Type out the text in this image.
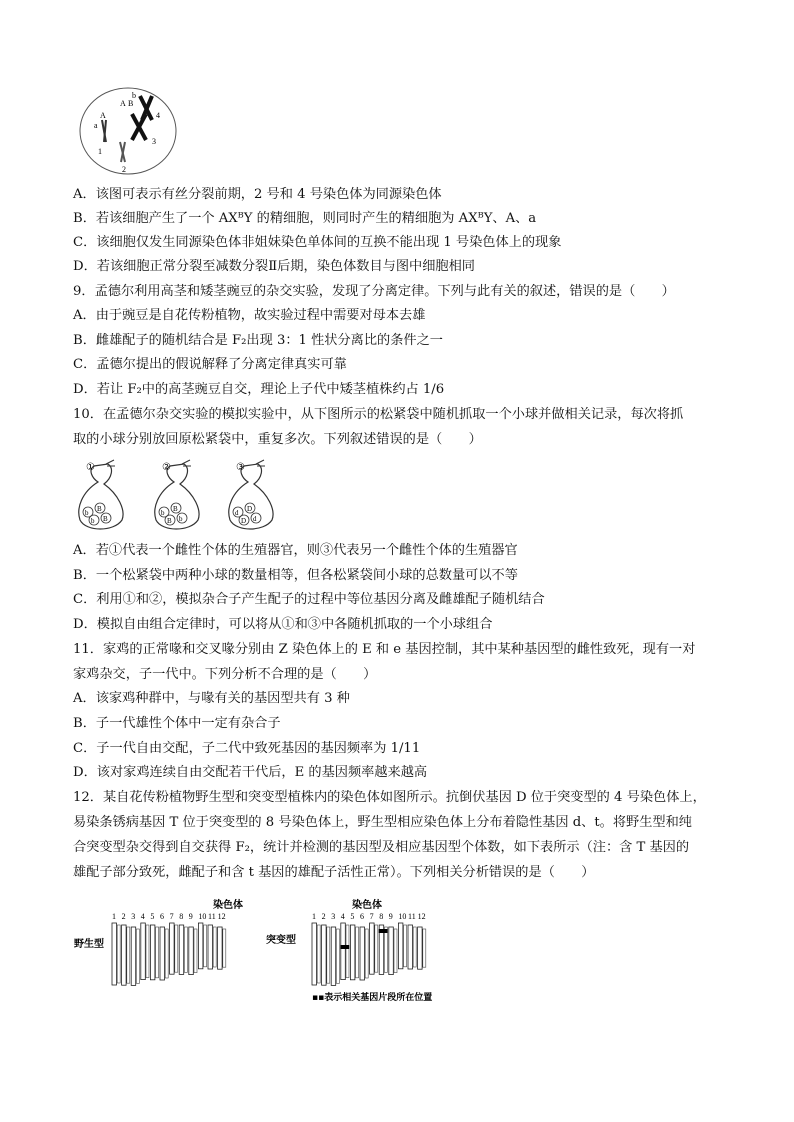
a
A
A B
b
1
2
3
4
A．该图可表示有丝分裂前期，2 号和 4 号染色体为同源染色体
B．若该细胞产生了一个 AXᴮY 的精细胞，则同时产生的精细胞为 AXᴮY、A、a
C．该细胞仅发生同源染色体非姐妹染色单体间的互换不能出现 1 号染色体上的现象
D．若该细胞正常分裂至减数分裂Ⅱ后期，染色体数目与图中细胞相同
9．孟德尔利用高茎和矮茎豌豆的杂交实验，发现了分离定律。下列与此有关的叙述，错误的是（　　）
A．由于豌豆是自花传粉植物，故实验过程中需要对母本去雄
B．雌雄配子的随机结合是 F₂出现 3：1 性状分离比的条件之一
C．孟德尔提出的假说解释了分离定律真实可靠
D．若让 F₂中的高茎豌豆自交，理论上子代中矮茎植株约占 1/6
10．在孟德尔杂交实验的模拟实验中，从下图所示的松紧袋中随机抓取一个小球并做相关记录，每次将抓
取的小球分别放回原松紧袋中，重复多次。下列叙述错误的是（　　）
①
b B
b B
②
b B
B b
③
d D
D d
A．若①代表一个雌性个体的生殖器官，则③代表另一个雌性个体的生殖器官
B．一个松紧袋中两种小球的数量相等，但各松紧袋间小球的总数量可以不等
C．利用①和②，模拟杂合子产生配子的过程中等位基因分离及雌雄配子随机结合
D．模拟自由组合定律时，可以将从①和③中各随机抓取的一个小球组合
11．家鸡的正常喙和交叉喙分别由 Z 染色体上的 E 和 e 基因控制，其中某种基因型的雌性致死，现有一对
家鸡杂交，子一代中。下列分析不合理的是（　　）
A．该家鸡种群中，与喙有关的基因型共有 3 种
B．子一代雄性个体中一定有杂合子
C．子一代自由交配，子二代中致死基因的基因频率为 1/11
D．该对家鸡连续自由交配若干代后，E 的基因频率越来越高
12．某自花传粉植物野生型和突变型植株内的染色体如图所示。抗倒伏基因 D 位于突变型的 4 号染色体上，
易染条锈病基因 T 位于突变型的 8 号染色体上，野生型相应染色体上分布着隐性基因 d、t。将野生型和纯
合突变型杂交得到自交获得 F₂，统计并检测的基因型及相应基因型个体数，如下表所示（注：含 T 基因的
雄配子部分致死，雌配子和含 t 基因的雄配子活性正常）。下列相关分析错误的是（　　）
染色体	染色体
野生型	突变型
1 2 3 4 5 6 7 8 9 10 11 12	1 2 3 4 5 6 7 8 9 10 11 12
▪▪表示相关基因片段所在位置
